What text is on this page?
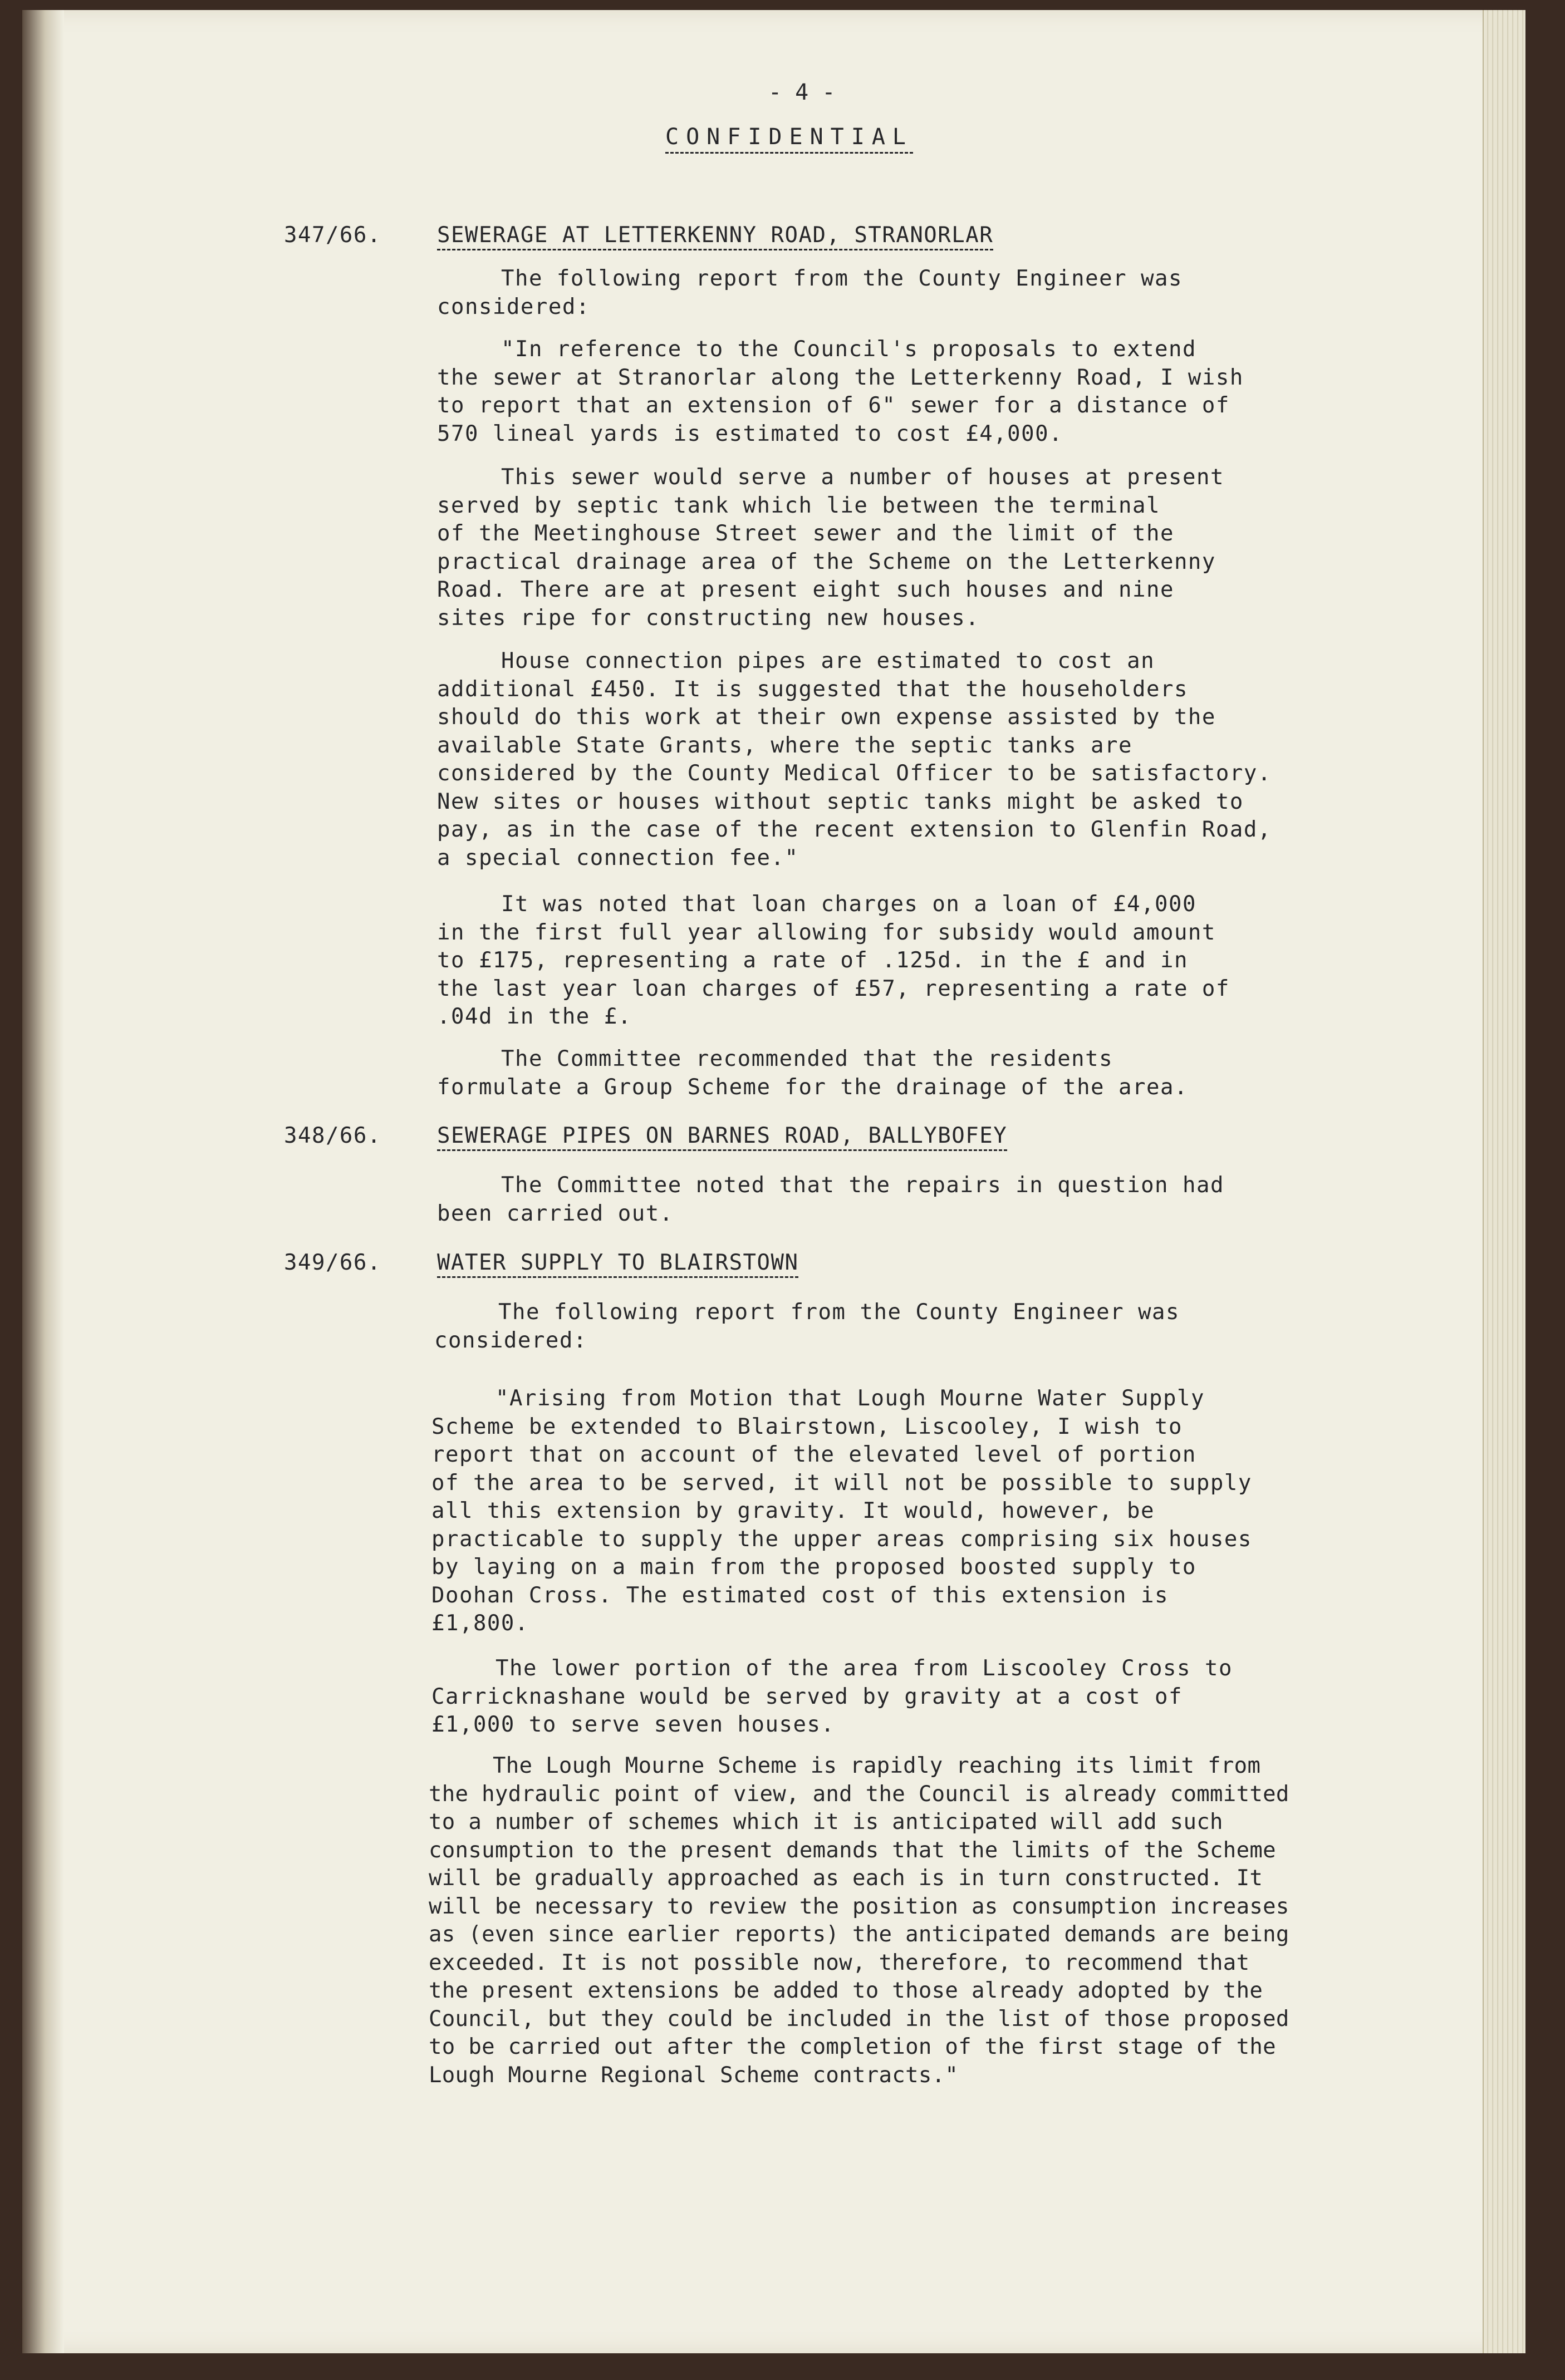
- 4 -
CONFIDENTIAL
347/66.	SEWERAGE AT LETTERKENNY ROAD, STRANORLAR
The following report from the County Engineer was
considered:
"In reference to the Council's proposals to extend
the sewer at Stranorlar along the Letterkenny Road, I wish
to report that an extension of 6" sewer for a distance of
570 lineal yards is estimated to cost £4,000.
This sewer would serve a number of houses at present
served by septic tank which lie between the terminal
of the Meetinghouse Street sewer and the limit of the
practical drainage area of the Scheme on the Letterkenny
Road. There are at present eight such houses and nine
sites ripe for constructing new houses.
House connection pipes are estimated to cost an
additional £450. It is suggested that the householders
should do this work at their own expense assisted by the
available State Grants, where the septic tanks are
considered by the County Medical Officer to be satisfactory.
New sites or houses without septic tanks might be asked to
pay, as in the case of the recent extension to Glenfin Road,
a special connection fee."
It was noted that loan charges on a loan of £4,000
in the first full year allowing for subsidy would amount
to £175, representing a rate of .125d. in the £ and in
the last year loan charges of £57, representing a rate of
.04d in the £.
The Committee recommended that the residents
formulate a Group Scheme for the drainage of the area.
348/66.	SEWERAGE PIPES ON BARNES ROAD, BALLYBOFEY
The Committee noted that the repairs in question had
been carried out.
349/66.	WATER SUPPLY TO BLAIRSTOWN
The following report from the County Engineer was
considered:
"Arising from Motion that Lough Mourne Water Supply
Scheme be extended to Blairstown, Liscooley, I wish to
report that on account of the elevated level of portion
of the area to be served, it will not be possible to supply
all this extension by gravity. It would, however, be
practicable to supply the upper areas comprising six houses
by laying on a main from the proposed boosted supply to
Doohan Cross. The estimated cost of this extension is
£1,800.
The lower portion of the area from Liscooley Cross to
Carricknashane would be served by gravity at a cost of
£1,000 to serve seven houses.
The Lough Mourne Scheme is rapidly reaching its limit from
the hydraulic point of view, and the Council is already committed
to a number of schemes which it is anticipated will add such
consumption to the present demands that the limits of the Scheme
will be gradually approached as each is in turn constructed. It
will be necessary to review the position as consumption increases
as (even since earlier reports) the anticipated demands are being
exceeded. It is not possible now, therefore, to recommend that
the present extensions be added to those already adopted by the
Council, but they could be included in the list of those proposed
to be carried out after the completion of the first stage of the
Lough Mourne Regional Scheme contracts."
